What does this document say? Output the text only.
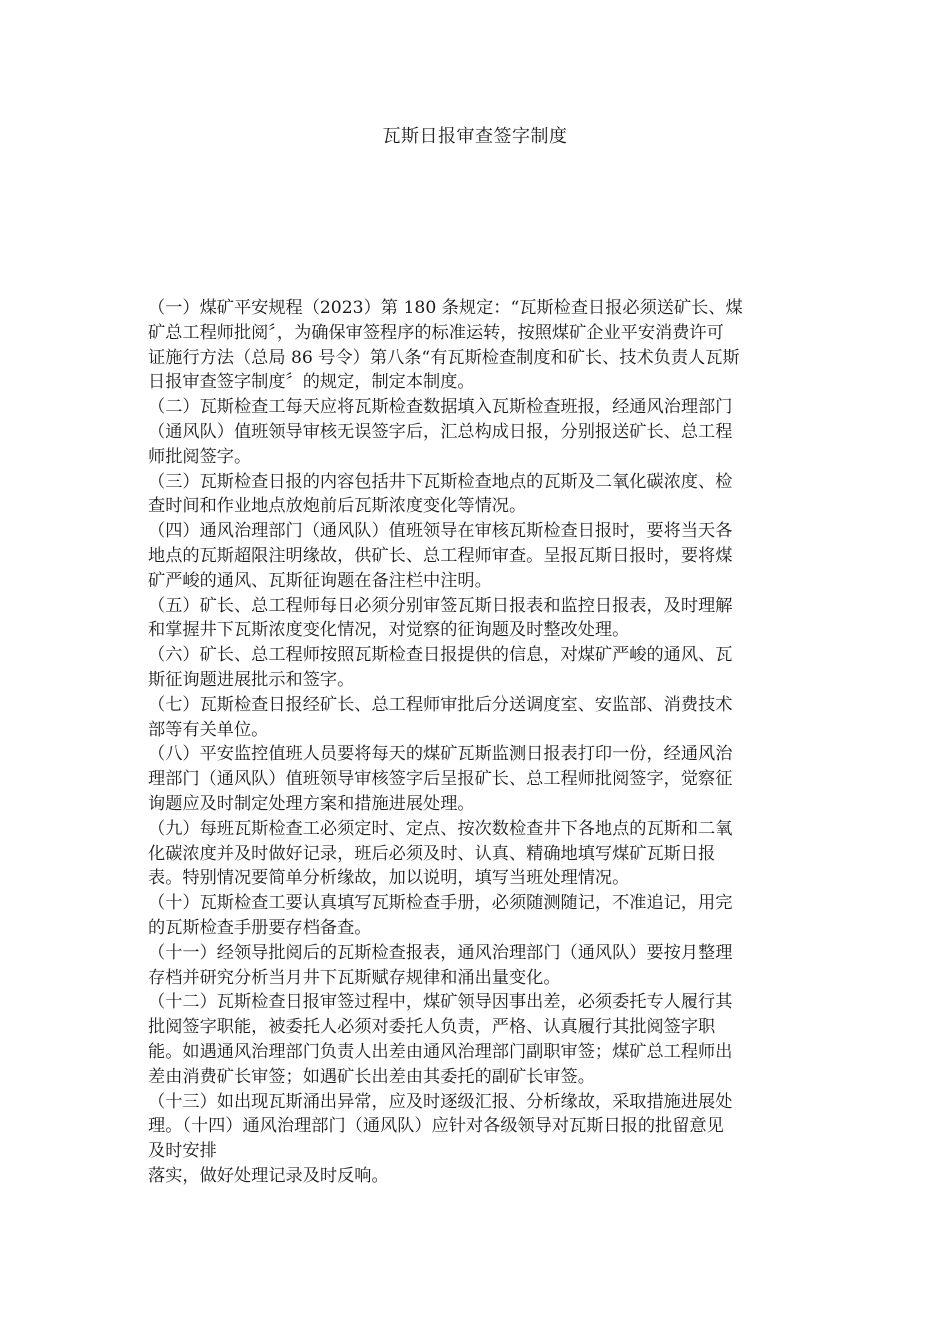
瓦斯日报审查签字制度
（一）煤矿平安规程（2023）第 180 条规定：“瓦斯检查日报必须送矿长、煤
矿总工程师批阅〞，为确保审签程序的标准运转，按照煤矿企业平安消费许可
证施行方法（总局 86 号令）第八条“有瓦斯检查制度和矿长、技术负责人瓦斯
日报审查签字制度〞的规定，制定本制度。
（二）瓦斯检查工每天应将瓦斯检查数据填入瓦斯检查班报，经通风治理部门
（通风队）值班领导审核无误签字后，汇总构成日报，分别报送矿长、总工程
师批阅签字。
（三）瓦斯检查日报的内容包括井下瓦斯检查地点的瓦斯及二氧化碳浓度、检
查时间和作业地点放炮前后瓦斯浓度变化等情况。
（四）通风治理部门（通风队）值班领导在审核瓦斯检查日报时，要将当天各
地点的瓦斯超限注明缘故，供矿长、总工程师审查。呈报瓦斯日报时，要将煤
矿严峻的通风、瓦斯征询题在备注栏中注明。
（五）矿长、总工程师每日必须分别审签瓦斯日报表和监控日报表，及时理解
和掌握井下瓦斯浓度变化情况，对觉察的征询题及时整改处理。
（六）矿长、总工程师按照瓦斯检查日报提供的信息，对煤矿严峻的通风、瓦
斯征询题进展批示和签字。
（七）瓦斯检查日报经矿长、总工程师审批后分送调度室、安监部、消费技术
部等有关单位。
（八）平安监控值班人员要将每天的煤矿瓦斯监测日报表打印一份，经通风治
理部门（通风队）值班领导审核签字后呈报矿长、总工程师批阅签字，觉察征
询题应及时制定处理方案和措施进展处理。
（九）每班瓦斯检查工必须定时、定点、按次数检查井下各地点的瓦斯和二氧
化碳浓度并及时做好记录，班后必须及时、认真、精确地填写煤矿瓦斯日报
表。特别情况要简单分析缘故，加以说明，填写当班处理情况。
（十）瓦斯检查工要认真填写瓦斯检查手册，必须随测随记，不准追记，用完
的瓦斯检查手册要存档备查。
（十一）经领导批阅后的瓦斯检查报表，通风治理部门（通风队）要按月整理
存档并研究分析当月井下瓦斯赋存规律和涌出量变化。
（十二）瓦斯检查日报审签过程中，煤矿领导因事出差，必须委托专人履行其
批阅签字职能，被委托人必须对委托人负责，严格、认真履行其批阅签字职
能。如遇通风治理部门负责人出差由通风治理部门副职审签；煤矿总工程师出
差由消费矿长审签；如遇矿长出差由其委托的副矿长审签。
（十三）如出现瓦斯涌出异常，应及时逐级汇报、分析缘故，采取措施进展处
理。（十四）通风治理部门（通风队）应针对各级领导对瓦斯日报的批留意见
及时安排
落实，做好处理记录及时反响。
